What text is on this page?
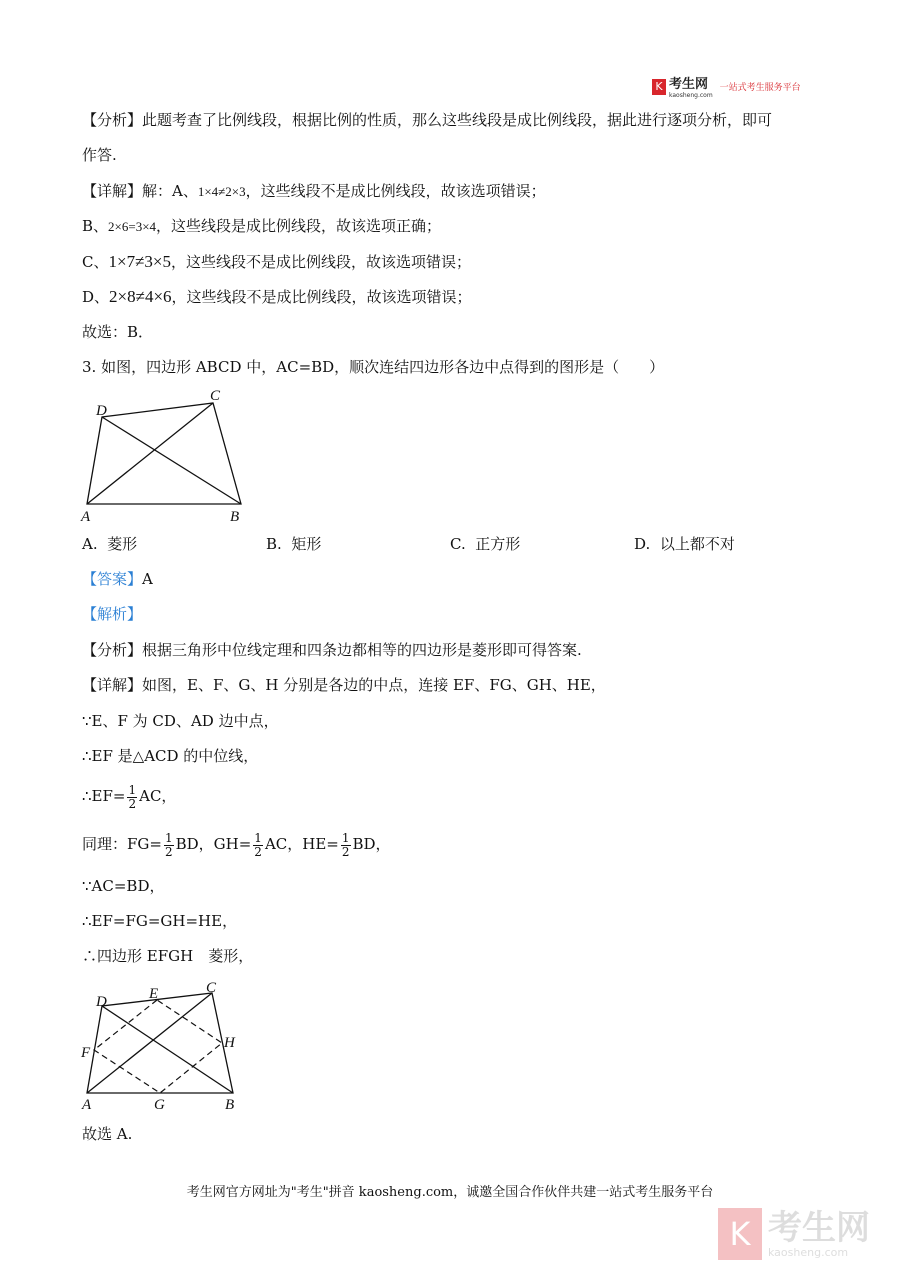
K 考生网
kaosheng.com
一站式考生服务平台
【分析】此题考查了比例线段，根据比例的性质，那么这些线段是成比例线段，据此进行逐项分析，即可
作答.
【详解】解：A、1×4≠2×3，这些线段不是成比例线段，故该选项错误；
B、2×6=3×4，这些线段是成比例线段，故该选项正确；
C、1×7≠3×5，这些线段不是成比例线段，故该选项错误；
D、2×8≠4×6，这些线段不是成比例线段，故该选项错误；
故选：B．
3. 如图，四边形 ABCD 中，AC=BD，顺次连结四边形各边中点得到的图形是（　　）
D
C
A	B
A. 菱形	B. 矩形	C. 正方形	D. 以上都不对
【答案】A
【解析】
【分析】根据三角形中位线定理和四条边都相等的四边形是菱形即可得答案.
【详解】如图，E、F、G、H 分别是各边的中点，连接 EF、FG、GH、HE，
∵E、F 为 CD、AD 边中点，
∴EF 是△ACD 的中位线，
∴EF= $\frac{1}{2}$ AC，
同理：$FG= \frac{1}{2}$ BD，$GH= \frac{1}{2}$ AC，$HE= \frac{1}{2}$ BD，
∵AC=BD，
∴EF=FG=GH=HE，
∴四边形 EFGH　菱形，
D	E	C
F
H
A	G	B
故选 A.
考生网官方网址为"考生"拼音 kaosheng.com，诚邀全国合作伙伴共建一站式考生服务平台
K 考生网
kaosheng.com
